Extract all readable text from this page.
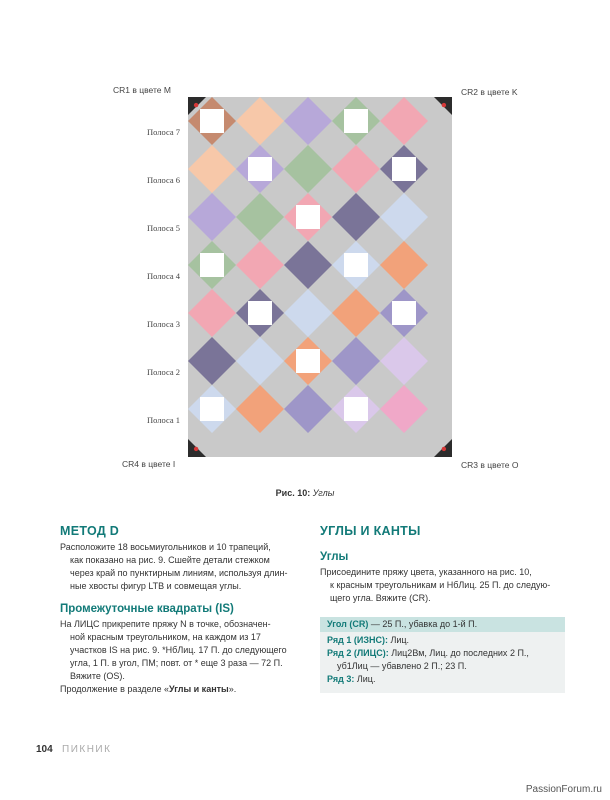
CR1 в цвете M	CR2 в цвете K
CR4 в цвете I	CR3 в цвете O
Полоса 7
Полоса 6
Полоса 5
Полоса 4
Полоса 3
Полоса 2
Полоса 1
Рис. 10: Углы
МЕТОД D

Расположите 18 восьмиугольников и 10 трапеций,

как показано на рис. 9. Сшейте детали стежком

через край по пунктирным линиям, используя длин-

ные хвосты фигур LTB и совмещая углы.

Промежуточные квадраты (IS)

На ЛИЦС прикрепите пряжу N в точке, обозначен-

ной красным треугольником, на каждом из 17

участков IS на рис. 9. *НбЛиц. 17 П. до следующего

угла, 1 П. в угол, ПМ; повт. от * еще 3 раза — 72 П.

Вяжите (OS).

Продолжение в разделе «Углы и канты».

УГЛЫ И КАНТЫ
Углы

Присоедините пряжу цвета, указанного на рис. 10,

к красным треугольникам и НбЛиц. 25 П. до следую-

щего угла. Вяжите (CR).

Угол (CR) — 25 П., убавка до 1-й П.
Ряд 1 (ИЗНС): Лиц.
Ряд 2 (ЛИЦС): Лиц2Вм, Лиц. до последних 2 П.,
уб1Лиц — убавлено 2 П.; 23 П.
Ряд 3: Лиц.
104 ПИКНИК
PassionForum.ru
